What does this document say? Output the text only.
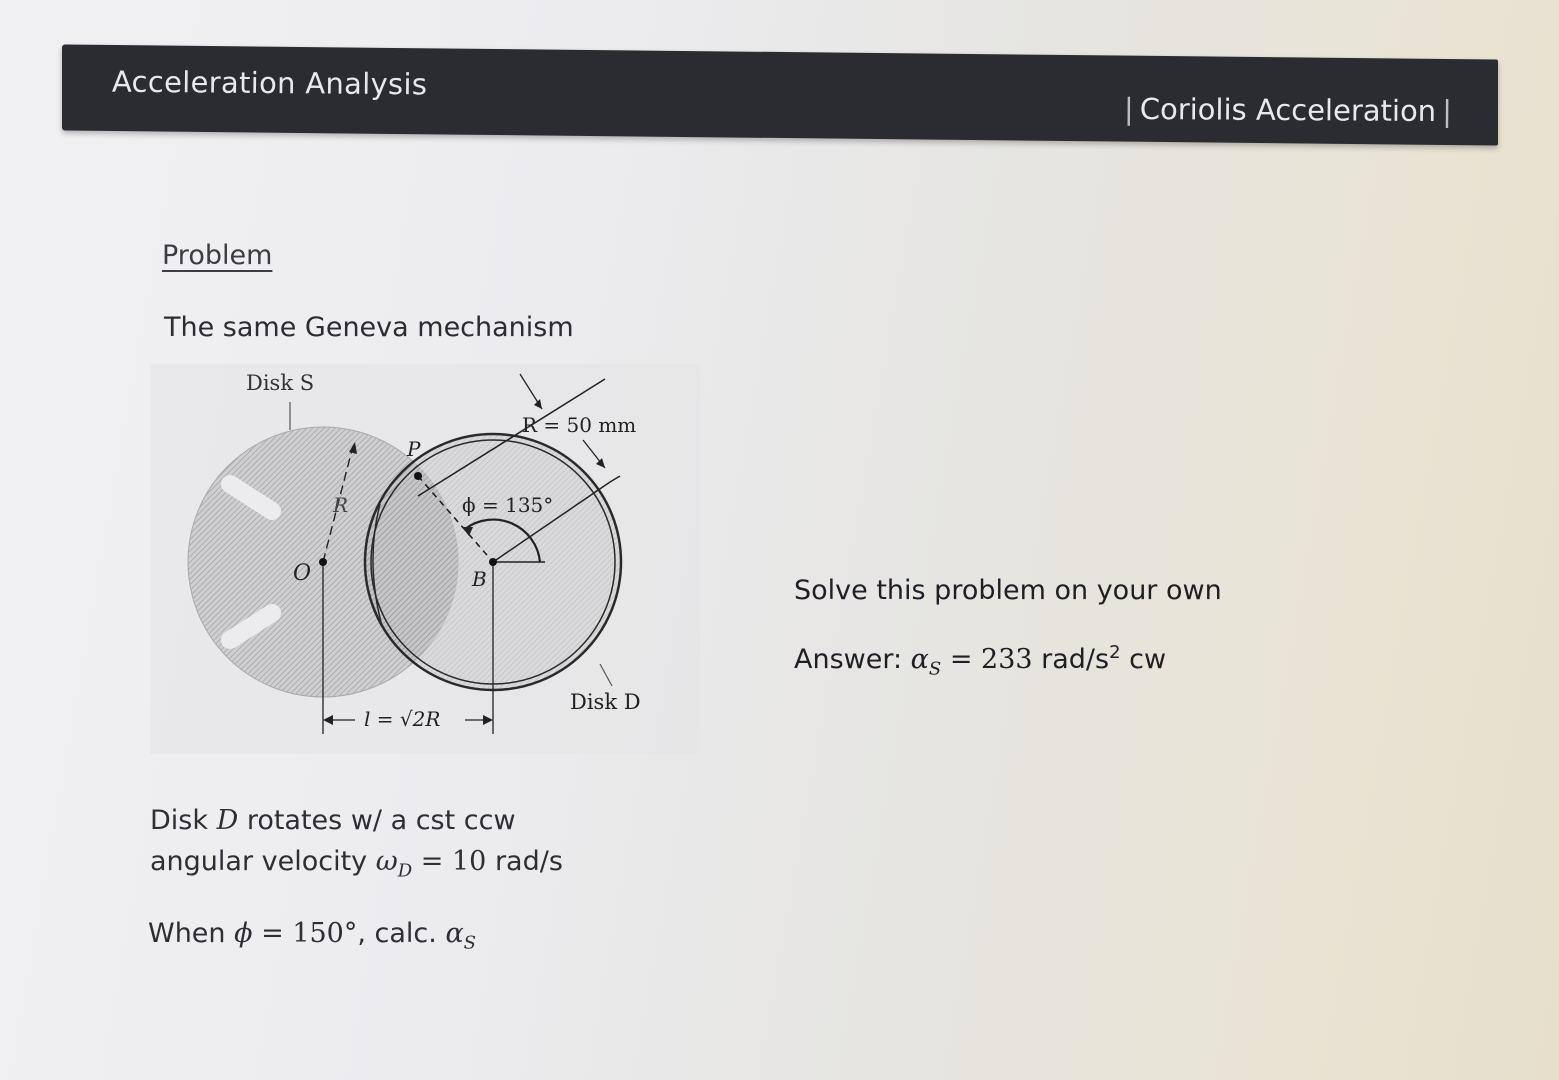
Acceleration Analysis
| Coriolis Acceleration |
Problem
The same Geneva mechanism
Disk S
R = 50 mm
P
R	ϕ = 135°
O	B
Disk D
l = √2R
Disk D rotates w/ a cst ccw
angular velocity $\omega_D = 10$ rad/s
When ϕ = 150°, calc. $\alpha_S$
Solve this problem on your own
Answer: $\alpha_S = 233$ rad/$s^2$ cw
